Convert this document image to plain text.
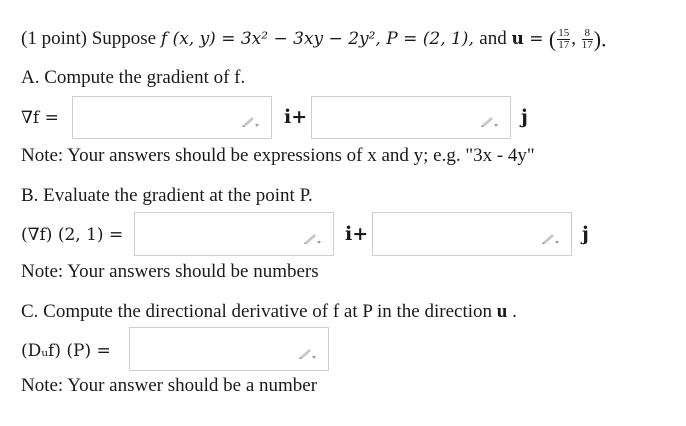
(1 point) Suppose f (x, y) = 3x² − 3xy − 2y², P = (2, 1), and u = ( $\frac{15}{17}$ , $\frac{8}{17}$ ).
A. Compute the gradient of f.
∇f =	i+	j
Note: Your answers should be expressions of x and y; e.g. "3x - 4y"
B. Evaluate the gradient at the point P.
(∇f) (2, 1) =	i+	j
Note: Your answers should be numbers
C. Compute the directional derivative of f at P in the direction u .
(Dᵤf) (P) =
Note: Your answer should be a number
